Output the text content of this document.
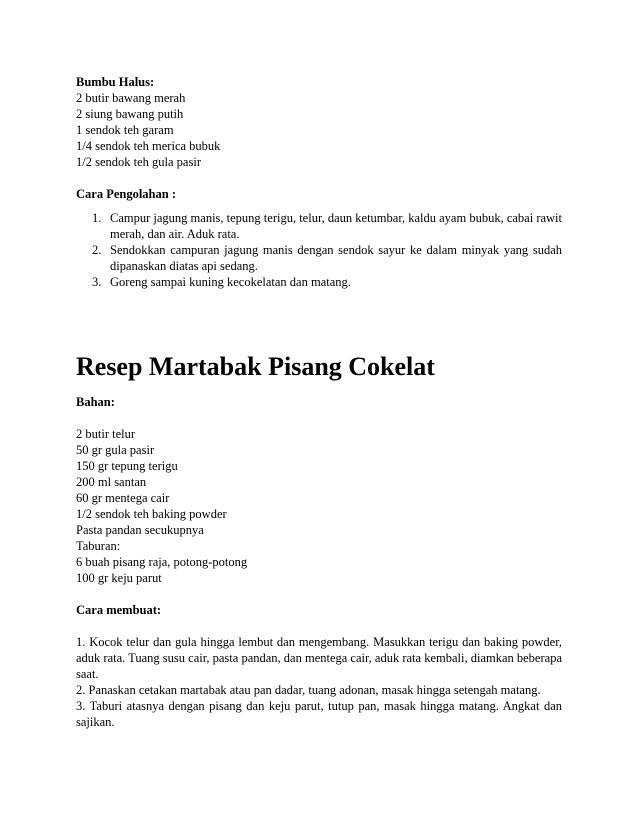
Bumbu Halus:
2 butir bawang merah
2 siung bawang putih
1 sendok teh garam
1/4 sendok teh merica bubuk
1/2 sendok teh gula pasir
Cara Pengolahan :
1. Campur jagung manis, tepung terigu, telur, daun ketumbar, kaldu ayam bubuk, cabai rawit merah, dan air. Aduk rata.
2. Sendokkan campuran jagung manis dengan sendok sayur ke dalam minyak yang sudah dipanaskan diatas api sedang.
3. Goreng sampai kuning kecokelatan dan matang.
Resep Martabak Pisang Cokelat
Bahan:
2 butir telur
50 gr gula pasir
150 gr tepung terigu
200 ml santan
60 gr mentega cair
1/2 sendok teh baking powder
Pasta pandan secukupnya
Taburan:
6 buah pisang raja, potong-potong
100 gr keju parut
Cara membuat:
1. Kocok telur dan gula hingga lembut dan mengembang. Masukkan terigu dan baking powder, aduk rata. Tuang susu cair, pasta pandan, dan mentega cair, aduk rata kembali, diamkan beberapa saat.
2. Panaskan cetakan martabak atau pan dadar, tuang adonan, masak hingga setengah matang.
3. Taburi atasnya dengan pisang dan keju parut, tutup pan, masak hingga matang. Angkat dan sajikan.
